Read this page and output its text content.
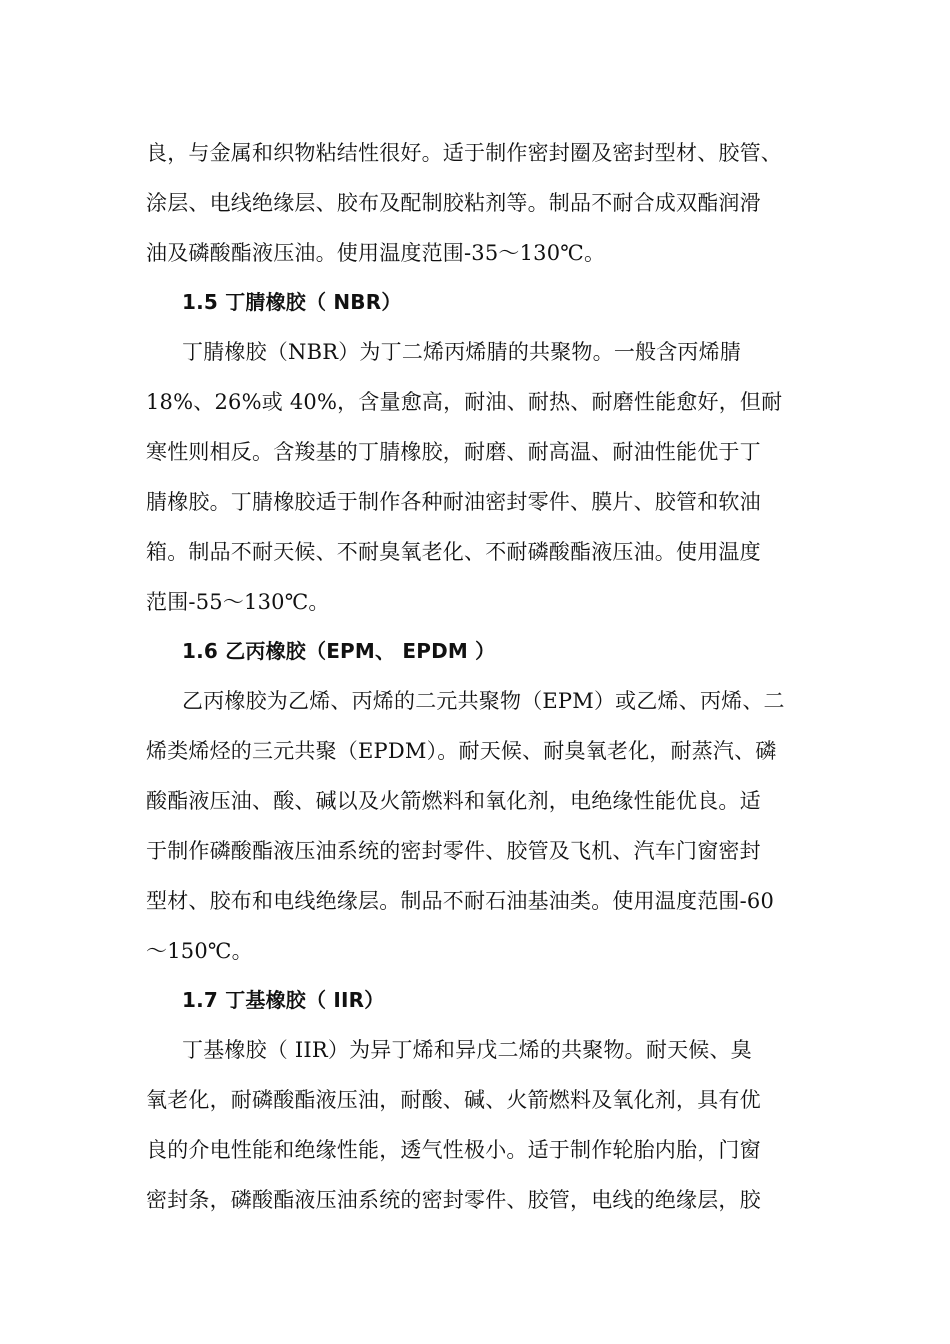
良，与金属和织物粘结性很好。适于制作密封圈及密封型材、胶管、
涂层、电线绝缘层、胶布及配制胶粘剂等。制品不耐合成双酯润滑
油及磷酸酯液压油。使用温度范围-35～130℃。
1.5 丁腈橡胶（ NBR）
丁腈橡胶（NBR）为丁二烯丙烯腈的共聚物。一般含丙烯腈
18%、26%或 40%，含量愈高，耐油、耐热、耐磨性能愈好，但耐
寒性则相反。含羧基的丁腈橡胶，耐磨、耐高温、耐油性能优于丁
腈橡胶。丁腈橡胶适于制作各种耐油密封零件、膜片、胶管和软油
箱。制品不耐天候、不耐臭氧老化、不耐磷酸酯液压油。使用温度
范围-55～130℃。
1.6 乙丙橡胶（EPM、 EPDM ）
乙丙橡胶为乙烯、丙烯的二元共聚物（EPM）或乙烯、丙烯、二
烯类烯烃的三元共聚（EPDM）。耐天候、耐臭氧老化，耐蒸汽、磷
酸酯液压油、酸、碱以及火箭燃料和氧化剂，电绝缘性能优良。适
于制作磷酸酯液压油系统的密封零件、胶管及飞机、汽车门窗密封
型材、胶布和电线绝缘层。制品不耐石油基油类。使用温度范围-60
～150℃。
1.7 丁基橡胶（ IIR）
丁基橡胶（ IIR）为异丁烯和异戊二烯的共聚物。耐天候、臭
氧老化，耐磷酸酯液压油，耐酸、碱、火箭燃料及氧化剂，具有优
良的介电性能和绝缘性能，透气性极小。适于制作轮胎内胎，门窗
密封条，磷酸酯液压油系统的密封零件、胶管，电线的绝缘层，胶
